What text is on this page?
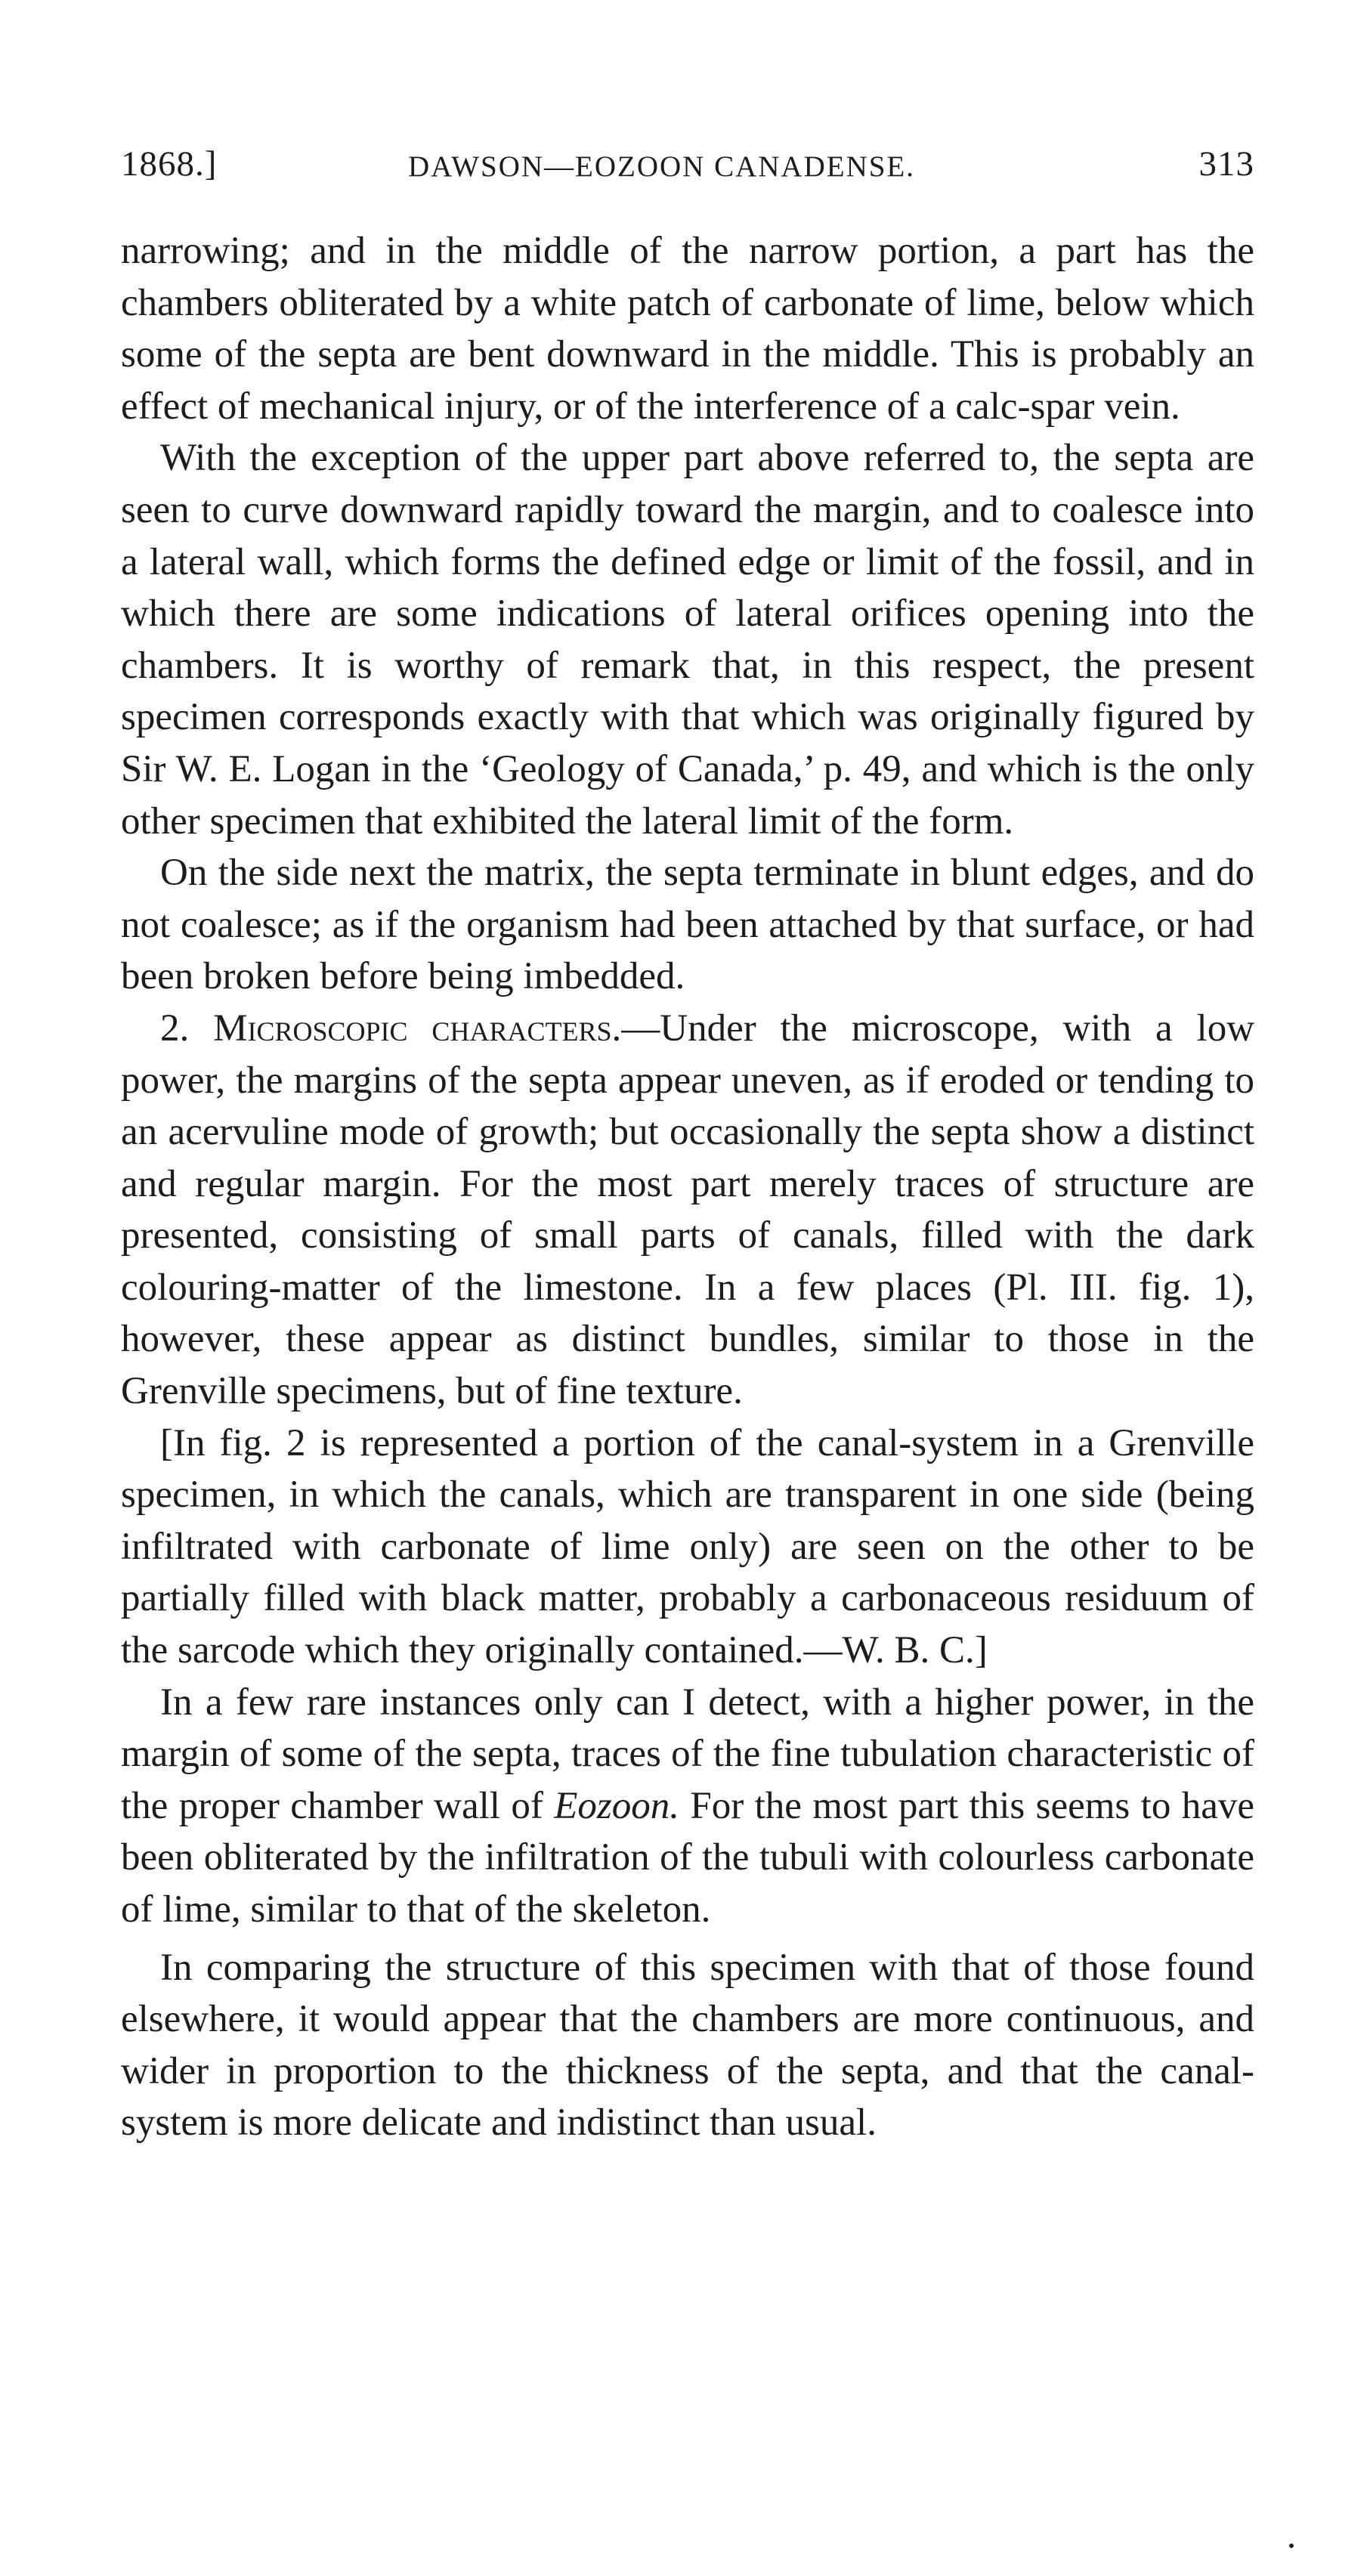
1868.]	DAWSON—EOZOON CANADENSE.	313

narrowing; and in the middle of the narrow portion, a part has the chambers obliterated by a white patch of carbonate of lime, below which some of the septa are bent downward in the middle. This is probably an effect of mechanical injury, or of the interference of a calc-spar vein.

With the exception of the upper part above referred to, the septa are seen to curve downward rapidly toward the margin, and to coalesce into a lateral wall, which forms the defined edge or limit of the fossil, and in which there are some indications of lateral orifices opening into the chambers. It is worthy of remark that, in this respect, the present specimen corresponds exactly with that which was originally figured by Sir W. E. Logan in the ‘Geology of Canada,’ p. 49, and which is the only other specimen that exhibited the lateral limit of the form.

On the side next the matrix, the septa terminate in blunt edges, and do not coalesce; as if the organism had been attached by that surface, or had been broken before being imbedded.

2. Microscopic characters.—Under the microscope, with a low power, the margins of the septa appear uneven, as if eroded or tending to an acervuline mode of growth; but occasionally the septa show a distinct and regular margin. For the most part merely traces of structure are presented, consisting of small parts of canals, filled with the dark colouring-matter of the limestone. In a few places (Pl. III. fig. 1), however, these appear as distinct bundles, similar to those in the Grenville specimens, but of fine texture.

[In fig. 2 is represented a portion of the canal-system in a Grenville specimen, in which the canals, which are transparent in one side (being infiltrated with carbonate of lime only) are seen on the other to be partially filled with black matter, probably a carbonaceous residuum of the sarcode which they originally contained.—W. B. C.]

In a few rare instances only can I detect, with a higher power, in the margin of some of the septa, traces of the fine tubulation characteristic of the proper chamber wall of Eozoon. For the most part this seems to have been obliterated by the infiltration of the tubuli with colourless carbonate of lime, similar to that of the skeleton.

In comparing the structure of this specimen with that of those found elsewhere, it would appear that the chambers are more continuous, and wider in proportion to the thickness of the septa, and that the canal-system is more delicate and indistinct than usual.
